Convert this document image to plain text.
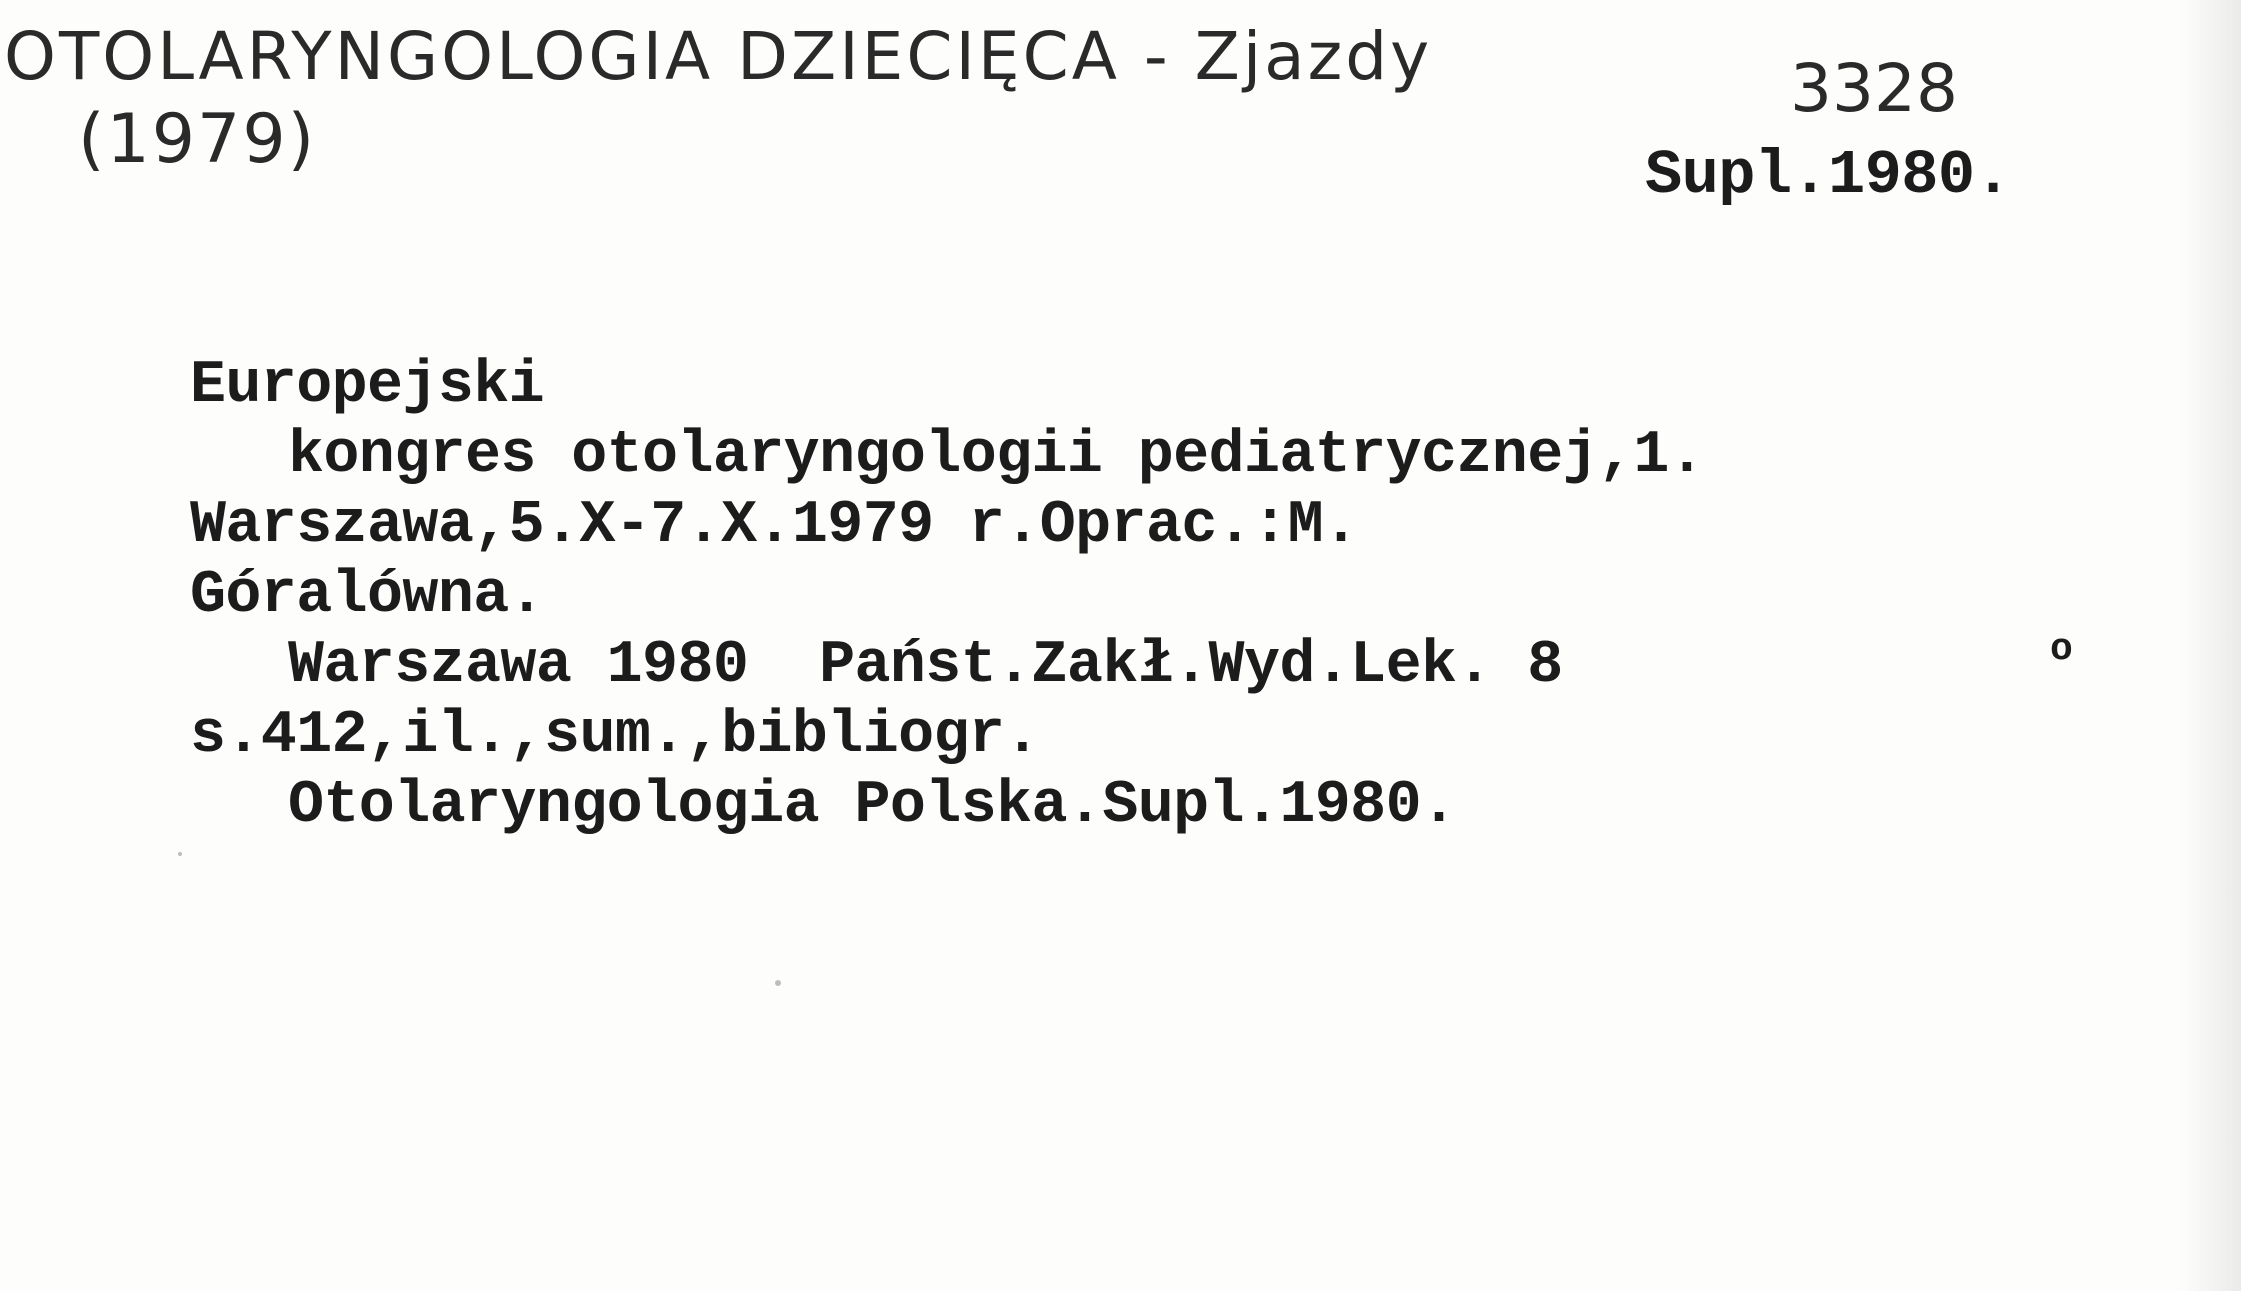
OTOLARYNGOLOGIA DZIECIĘCA - Zjazdy
(1979)
3328
Supl.1980.
Europejski
kongres otolaryngologii pediatrycznej,1.
Warszawa,5.X-7.X.1979 r.Oprac.:M.
Góralówna.
Warszawa 1980  Państ.Zakł.Wyd.Lek. 8	o
s.412,il.,sum.,bibliogr.
Otolaryngologia Polska.Supl.1980.
